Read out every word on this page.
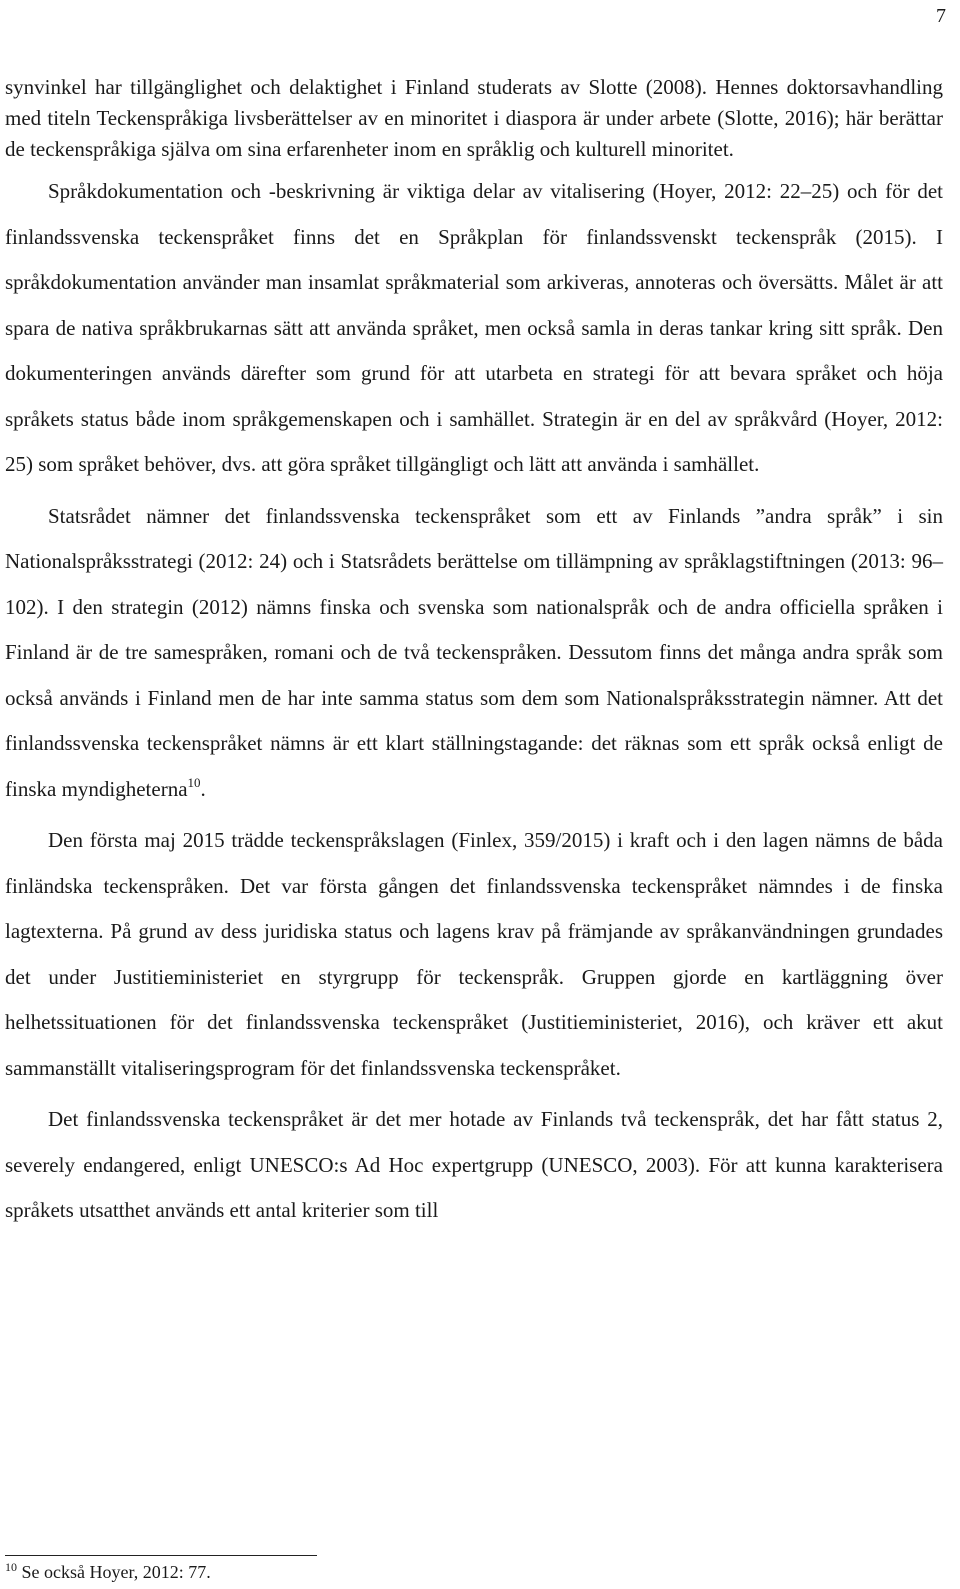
7

synvinkel har tillgänglighet och delaktighet i Finland studerats av Slotte (2008). Hennes doktorsavhandling med titeln Teckenspråkiga livsberättelser av en minoritet i diaspora är under arbete (Slotte, 2016); här berättar de teckenspråkiga själva om sina erfarenheter inom en språklig och kulturell minoritet.

Språkdokumentation och -beskrivning är viktiga delar av vitalisering (Hoyer, 2012: 22‒25) och för det finlandssvenska teckenspråket finns det en Språkplan för finlandssvenskt teckenspråk (2015). I språkdokumentation använder man insamlat språkmaterial som arkiveras, annoteras och översätts. Målet är att spara de nativa språkbrukarnas sätt att använda språket, men också samla in deras tankar kring sitt språk. Den dokumenteringen används därefter som grund för att utarbeta en strategi för att bevara språket och höja språkets status både inom språkgemenskapen och i samhället. Strategin är en del av språkvård (Hoyer, 2012: 25) som språket behöver, dvs. att göra språket tillgängligt och lätt att använda i samhället.

Statsrådet nämner det finlandssvenska teckenspråket som ett av Finlands ”andra språk” i sin Nationalspråksstrategi (2012: 24) och i Statsrådets berättelse om tillämpning av språklagstiftningen (2013: 96‒102). I den strategin (2012) nämns finska och svenska som nationalspråk och de andra officiella språken i Finland är de tre samespråken, romani och de två teckenspråken. Dessutom finns det många andra språk som också används i Finland men de har inte samma status som dem som Nationalspråksstrategin nämner. Att det finlandssvenska teckenspråket nämns är ett klart ställningstagande: det räknas som ett språk också enligt de finska myndigheterna$^{10}$.

Den första maj 2015 trädde teckenspråkslagen (Finlex, 359/2015) i kraft och i den lagen nämns de båda finländska teckenspråken. Det var första gången det finlandssvenska teckenspråket nämndes i de finska lagtexterna. På grund av dess juridiska status och lagens krav på främjande av språkanvändningen grundades det under Justitieministeriet en styrgrupp för teckenspråk. Gruppen gjorde en kartläggning över helhetssituationen för det finlandssvenska teckenspråket (Justitieministeriet, 2016), och kräver ett akut sammanställt vitaliseringsprogram för det finlandssvenska teckenspråket.

Det finlandssvenska teckenspråket är det mer hotade av Finlands två teckenspråk, det har fått status 2, severely endangered, enligt UNESCO:s Ad Hoc expertgrupp (UNESCO, 2003). För att kunna karakterisera språkets utsatthet används ett antal kriterier som till

$^{10}$ Se också Hoyer, 2012: 77.
